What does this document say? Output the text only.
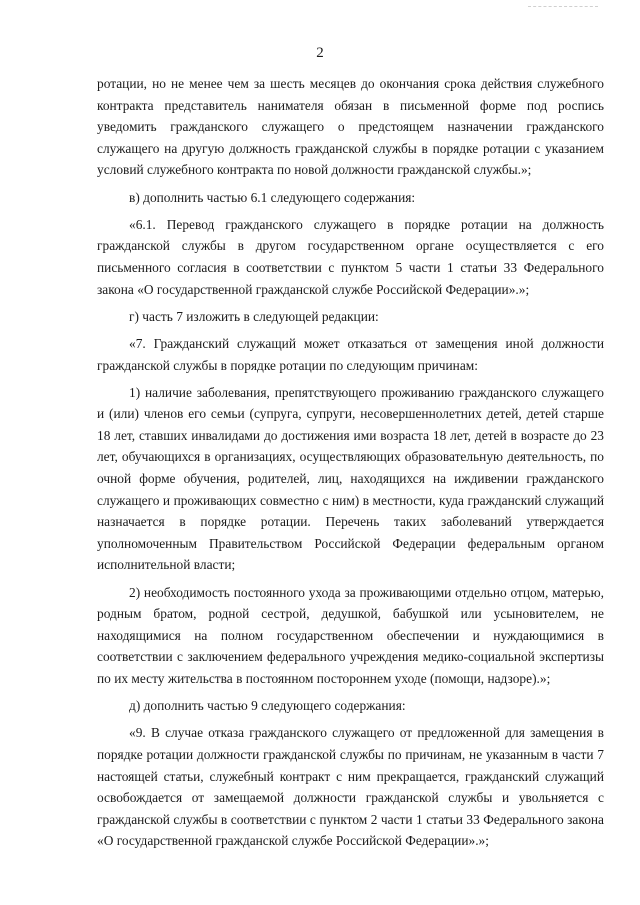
2

ротации, но не менее чем за шесть месяцев до окончания срока действия служебного контракта представитель нанимателя обязан в письменной форме под роспись уведомить гражданского служащего о предстоящем назначении гражданского служащего на другую должность гражданской службы в порядке ротации с указанием условий служебного контракта по новой должности гражданской службы.»;

в) дополнить частью 6.1 следующего содержания:

«6.1. Перевод гражданского служащего в порядке ротации на должность гражданской службы в другом государственном органе осуществляется с его письменного согласия в соответствии с пунктом 5 части 1 статьи 33 Федерального закона «О государственной гражданской службе Российской Федерации».»;

г) часть 7 изложить в следующей редакции:

«7. Гражданский служащий может отказаться от замещения иной должности гражданской службы в порядке ротации по следующим причинам:

1) наличие заболевания, препятствующего проживанию гражданского служащего и (или) членов его семьи (супруга, супруги, несовершеннолетних детей, детей старше 18 лет, ставших инвалидами до достижения ими возраста 18 лет, детей в возрасте до 23 лет, обучающихся в организациях, осуществляющих образовательную деятельность, по очной форме обучения, родителей, лиц, находящихся на иждивении гражданского служащего и проживающих совместно с ним) в местности, куда гражданский служащий назначается в порядке ротации. Перечень таких заболеваний утверждается уполномоченным Правительством Российской Федерации федеральным органом исполнительной власти;

2) необходимость постоянного ухода за проживающими отдельно отцом, матерью, родным братом, родной сестрой, дедушкой, бабушкой или усыновителем, не находящимися на полном государственном обеспечении и нуждающимися в соответствии с заключением федерального учреждения медико-социальной экспертизы по их месту жительства в постоянном постороннем уходе (помощи, надзоре).»;

д) дополнить частью 9 следующего содержания:

«9. В случае отказа гражданского служащего от предложенной для замещения в порядке ротации должности гражданской службы по причинам, не указанным в части 7 настоящей статьи, служебный контракт с ним прекращается, гражданский служащий освобождается от замещаемой должности гражданской службы и увольняется с гражданской службы в соответствии с пунктом 2 части 1 статьи 33 Федерального закона «О государственной гражданской службе Российской Федерации».»;
